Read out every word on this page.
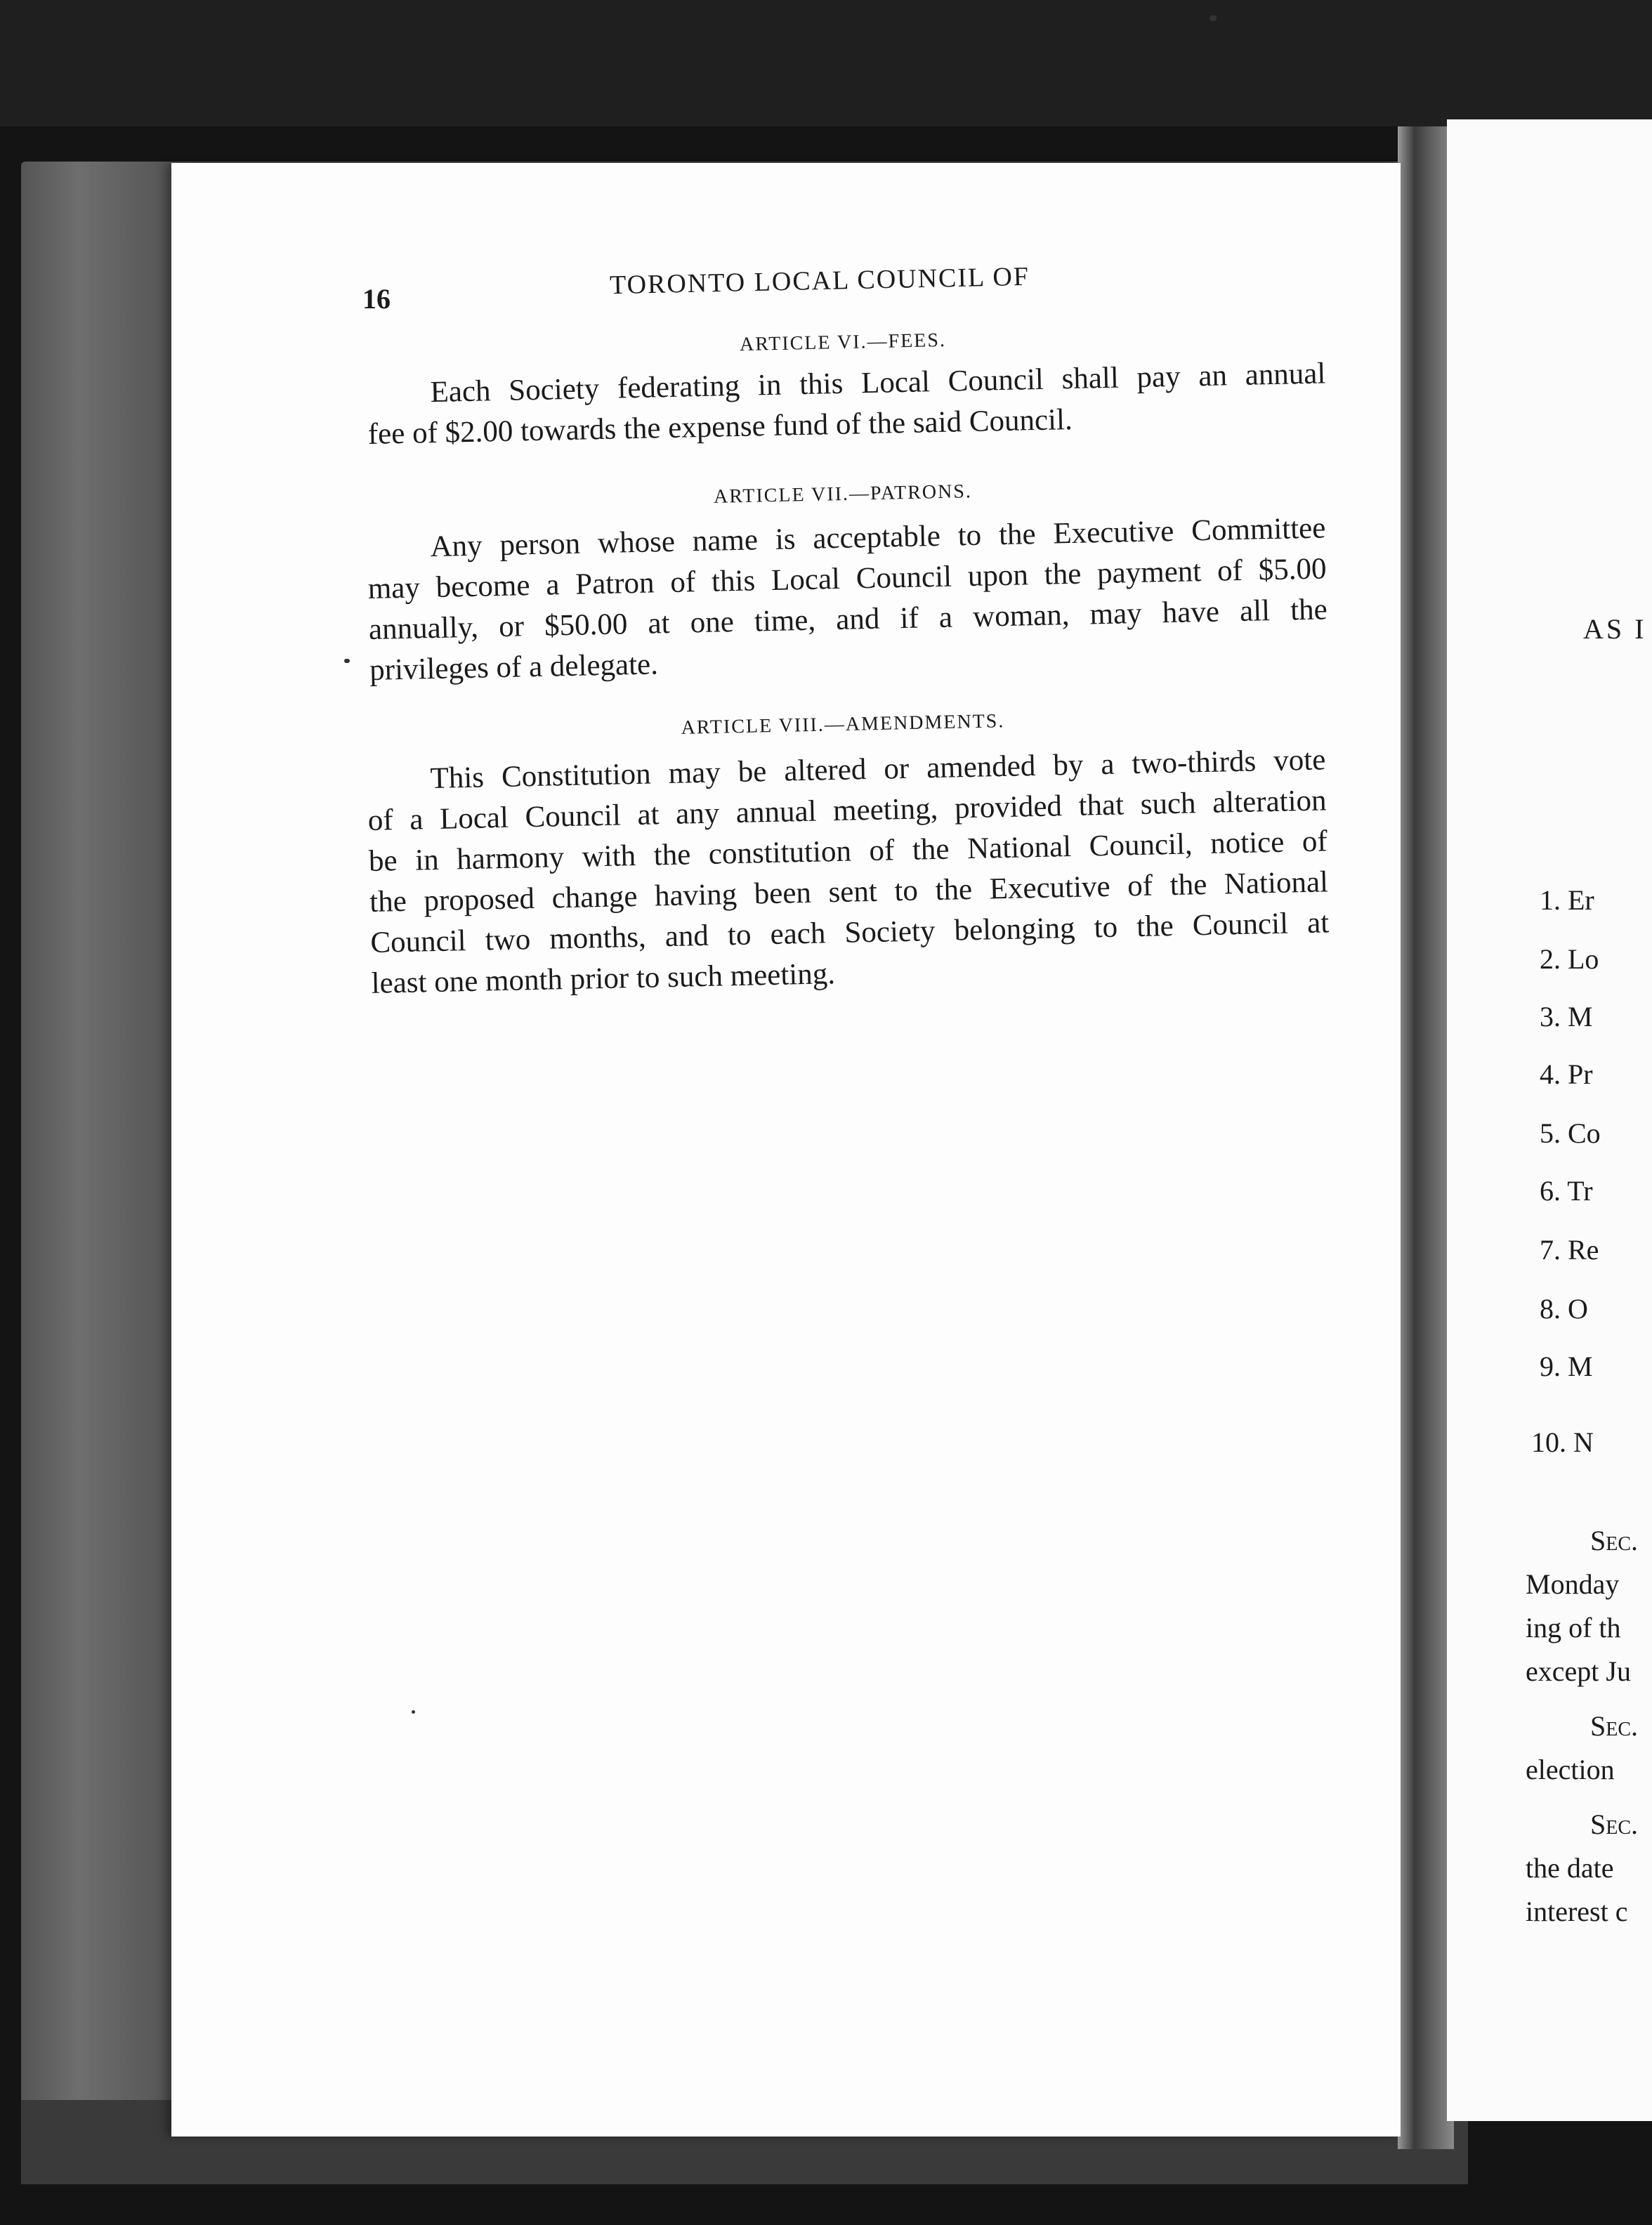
16	TORONTO LOCAL COUNCIL OF
ARTICLE VI.—FEES.
Each Society federating in this Local Council shall pay an annual
fee of $2.00 towards the expense fund of the said Council.
ARTICLE VII.—PATRONS.
Any person whose name is acceptable to the Executive Committee
may become a Patron of this Local Council upon the payment of $5.00
annually, or $50.00 at one time, and if a woman, may have all the
privileges of a delegate.
ARTICLE VIII.—AMENDMENTS.
This Constitution may be altered or amended by a two-thirds vote
of a Local Council at any annual meeting, provided that such alteration
be in harmony with the constitution of the National Council, notice of
the proposed change having been sent to the Executive of the National
Council two months, and to each Society belonging to the Council at
least one month prior to such meeting.
AS I
1. Er
2. Lo
3. M
4. Pr
5. Co
6. Tr
7. Re
8. O
9. M
10. N
Sec.
Monday
ing of th
except Ju
Sec.
election
Sec.
the date
interest c
